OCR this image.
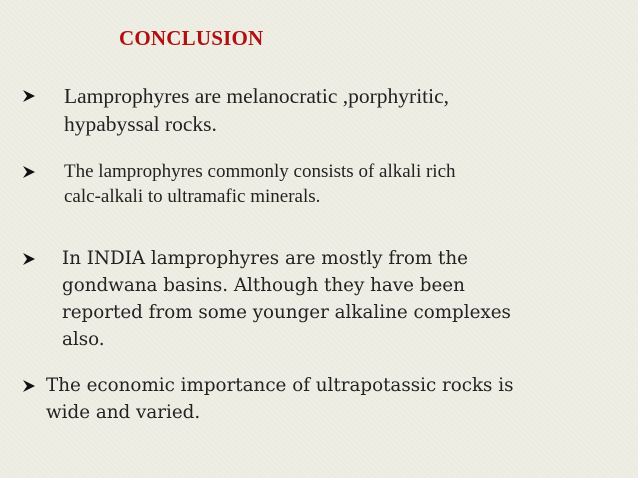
CONCLUSION
Lamprophyres are melanocratic ,porphyritic,
hypabyssal rocks.
The lamprophyres commonly consists of alkali rich
calc-alkali to ultramafic minerals.
In INDIA lamprophyres are mostly from the
gondwana basins. Although they have been
reported from some younger alkaline complexes
also.
The economic importance of ultrapotassic rocks is
wide and varied.
